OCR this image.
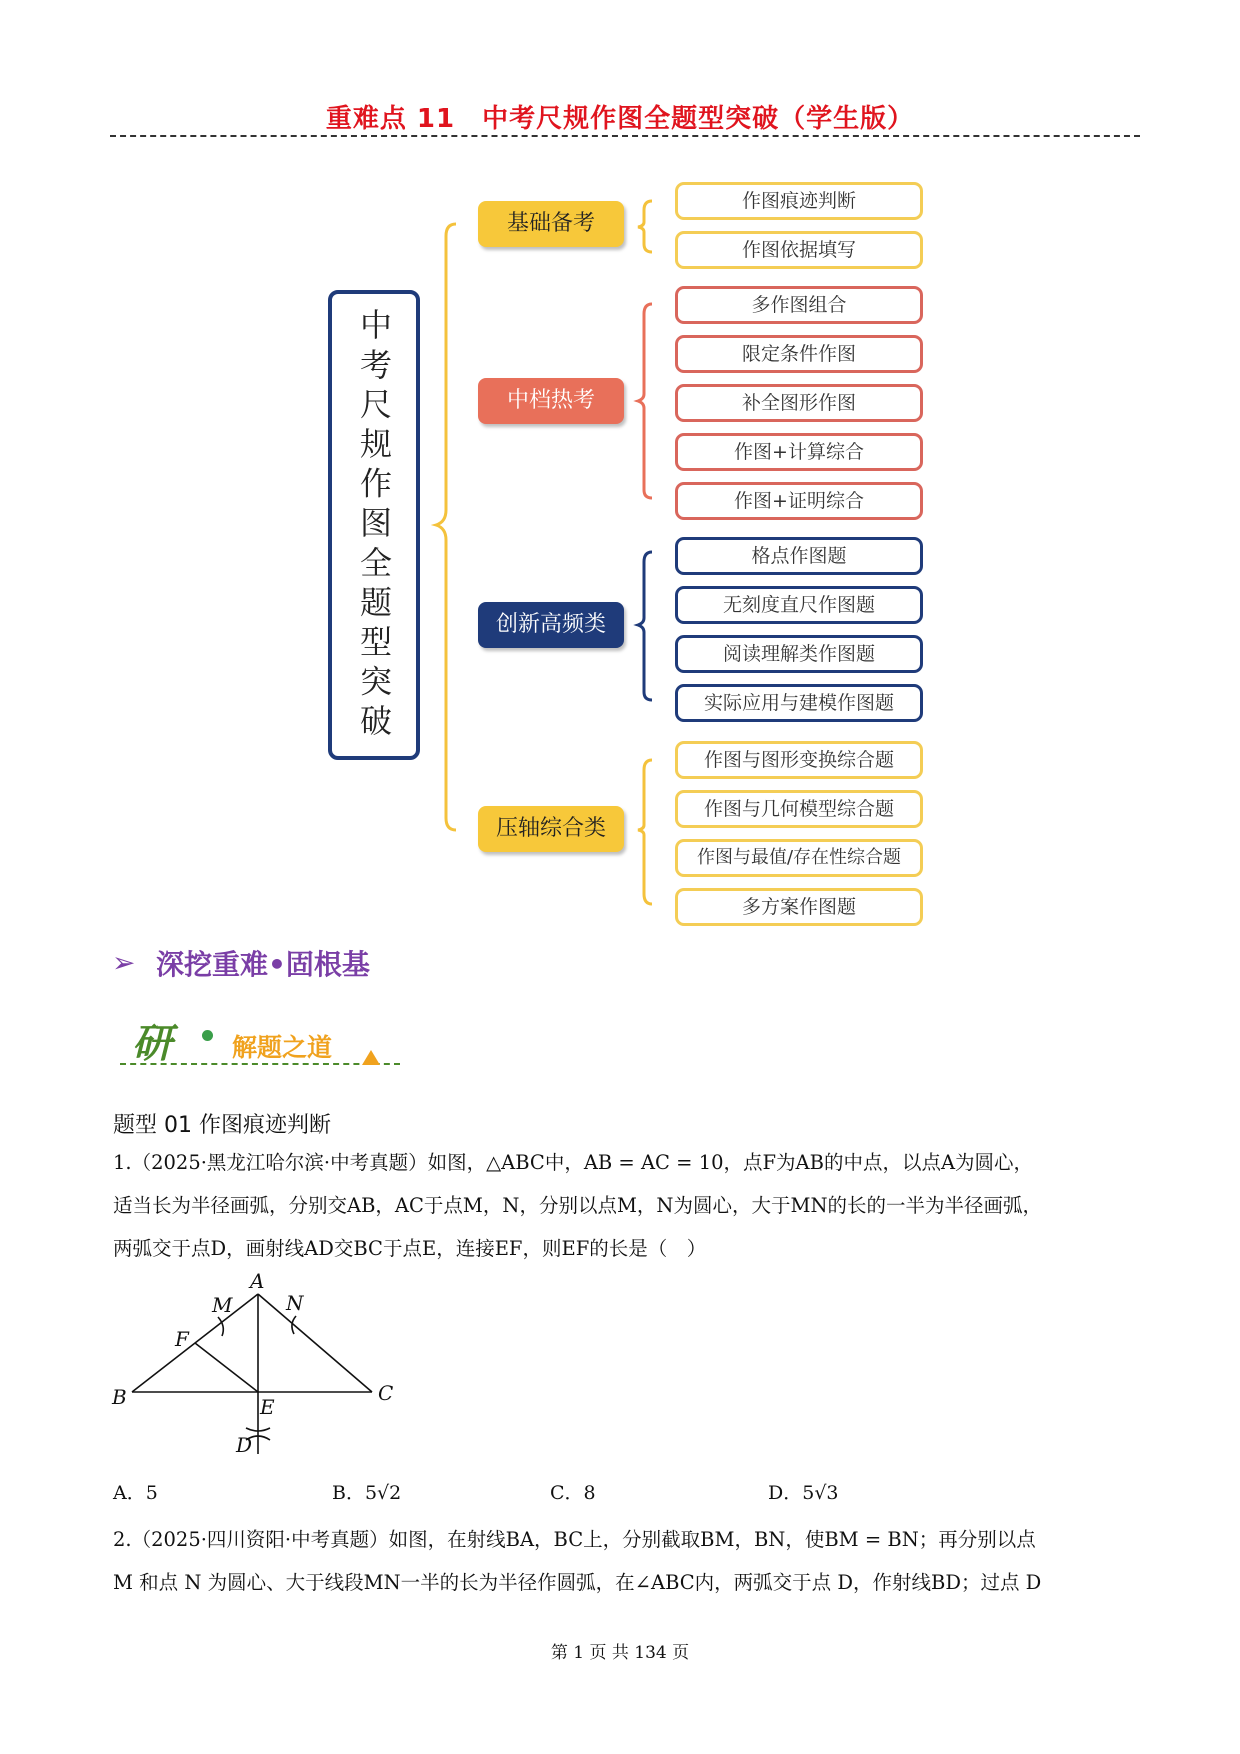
重难点 11　中考尺规作图全题型突破（学生版）
中考尺规作图全题型突破
基础备考
中档热考
创新高频类
压轴综合类
作图痕迹判断
作图依据填写
多作图组合
限定条件作图
补全图形作图
作图+计算综合
作图+证明综合
格点作图题
无刻度直尺作图题
阅读理解类作图题
实际应用与建模作图题
作图与图形变换综合题
作图与几何模型综合题
作图与最值/存在性综合题
多方案作图题
➢ 深挖重难•固根基
研 解题之道
题型 01 作图痕迹判断
1.（2025·黑龙江哈尔滨·中考真题）如图，△ABC中，AB = AC = 10，点F为AB的中点，以点A为圆心，
适当长为半径画弧，分别交AB，AC于点M，N，分别以点M，N为圆心，大于MN的长的一半为半径画弧，
两弧交于点D，画射线AD交BC于点E，连接EF，则EF的长是（　）
A
M	N
F
B	E
C
D
A．5	B．5√2	C．8	D．5√3
2.（2025·四川资阳·中考真题）如图，在射线BA，BC上，分别截取BM，BN，使BM = BN；再分别以点
M 和点 N 为圆心、大于线段MN一半的长为半径作圆弧，在∠ABC内，两弧交于点 D，作射线BD；过点 D
第 1 页 共 134 页
